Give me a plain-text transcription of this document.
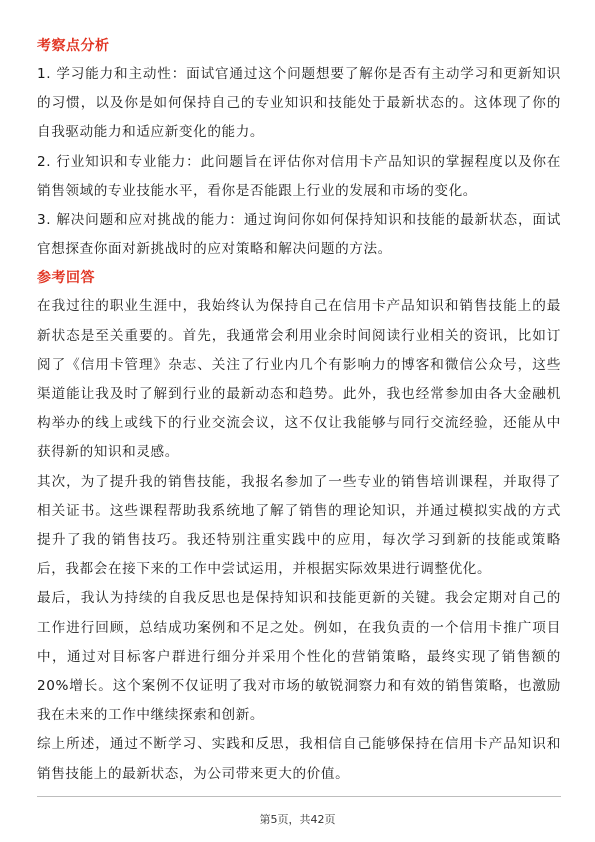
考察点分析

1. 学习能力和主动性：面试官通过这个问题想要了解你是否有主动学习和更新知识的习惯，以及你是如何保持自己的专业知识和技能处于最新状态的。这体现了你的自我驱动能力和适应新变化的能力。

2. 行业知识和专业能力：此问题旨在评估你对信用卡产品知识的掌握程度以及你在销售领域的专业技能水平，看你是否能跟上行业的发展和市场的变化。

3. 解决问题和应对挑战的能力：通过询问你如何保持知识和技能的最新状态，面试官想探查你面对新挑战时的应对策略和解决问题的方法。

参考回答

在我过往的职业生涯中，我始终认为保持自己在信用卡产品知识和销售技能上的最新状态是至关重要的。首先，我通常会利用业余时间阅读行业相关的资讯，比如订阅了《信用卡管理》杂志、关注了行业内几个有影响力的博客和微信公众号，这些渠道能让我及时了解到行业的最新动态和趋势。此外，我也经常参加由各大金融机构举办的线上或线下的行业交流会议，这不仅让我能够与同行交流经验，还能从中获得新的知识和灵感。

其次，为了提升我的销售技能，我报名参加了一些专业的销售培训课程，并取得了相关证书。这些课程帮助我系统地了解了销售的理论知识，并通过模拟实战的方式提升了我的销售技巧。我还特别注重实践中的应用，每次学习到新的技能或策略后，我都会在接下来的工作中尝试运用，并根据实际效果进行调整优化。

最后，我认为持续的自我反思也是保持知识和技能更新的关键。我会定期对自己的工作进行回顾，总结成功案例和不足之处。例如，在我负责的一个信用卡推广项目中，通过对目标客户群进行细分并采用个性化的营销策略，最终实现了销售额的20%增长。这个案例不仅证明了我对市场的敏锐洞察力和有效的销售策略，也激励我在未来的工作中继续探索和创新。

综上所述，通过不断学习、实践和反思，我相信自己能够保持在信用卡产品知识和销售技能上的最新状态，为公司带来更大的价值。

第5页，共42页
